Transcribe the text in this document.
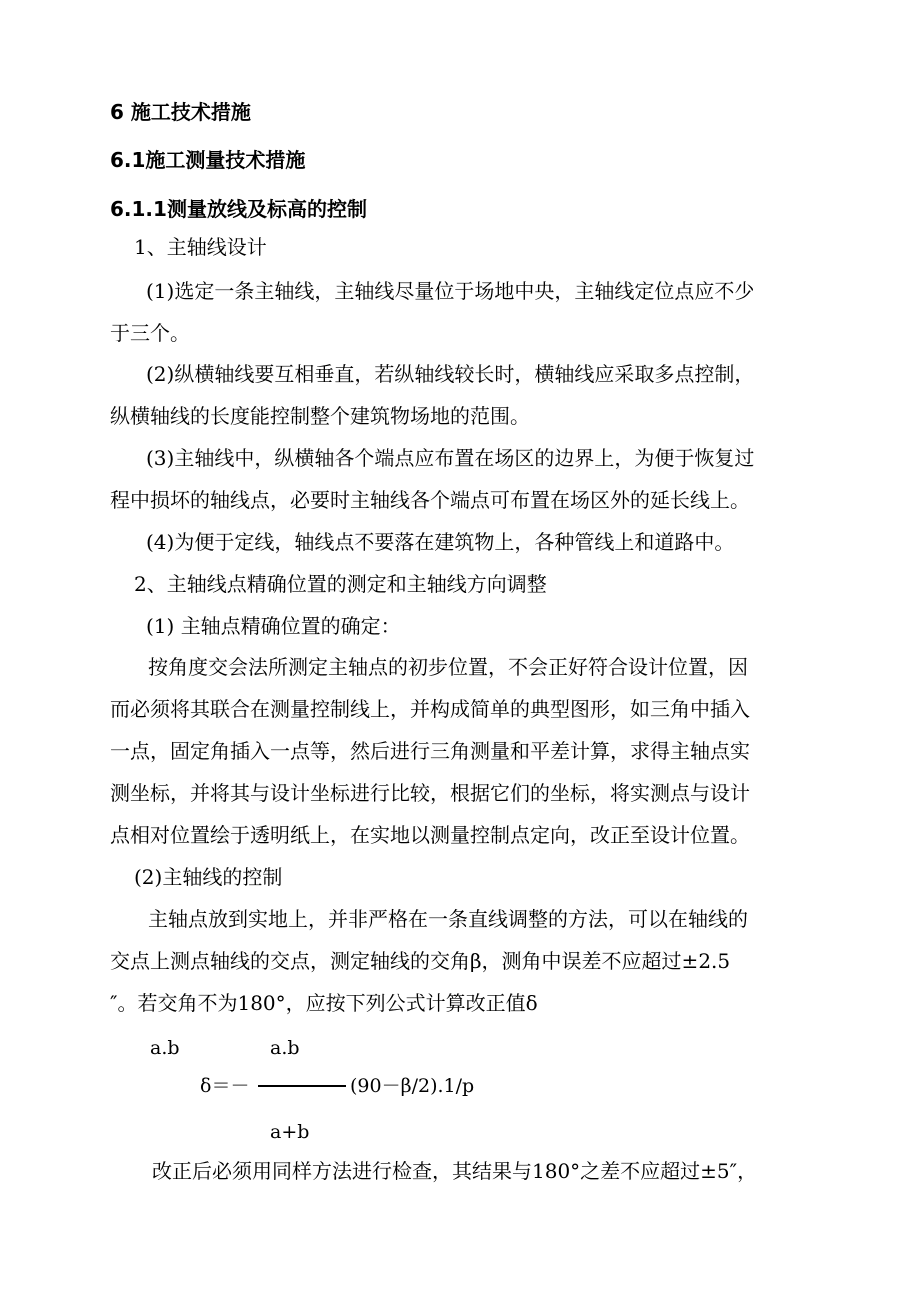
6 施工技术措施
6.1施工测量技术措施
6.1.1测量放线及标高的控制
1、主轴线设计
(1)选定一条主轴线，主轴线尽量位于场地中央，主轴线定位点应不少
于三个。
(2)纵横轴线要互相垂直，若纵轴线较长时，横轴线应采取多点控制，
纵横轴线的长度能控制整个建筑物场地的范围。
(3)主轴线中，纵横轴各个端点应布置在场区的边界上，为便于恢复过
程中损坏的轴线点，必要时主轴线各个端点可布置在场区外的延长线上。
(4)为便于定线，轴线点不要落在建筑物上，各种管线上和道路中。
2、主轴线点精确位置的测定和主轴线方向调整
(1) 主轴点精确位置的确定：
按角度交会法所测定主轴点的初步位置，不会正好符合设计位置，因
而必须将其联合在测量控制线上，并构成简单的典型图形，如三角中插入
一点，固定角插入一点等，然后进行三角测量和平差计算，求得主轴点实
测坐标，并将其与设计坐标进行比较，根据它们的坐标，将实测点与设计
点相对位置绘于透明纸上，在实地以测量控制点定向，改正至设计位置。
(2)主轴线的控制
主轴点放到实地上，并非严格在一条直线调整的方法，可以在轴线的
交点上测点轴线的交点，测定轴线的交角β，测角中误差不应超过±2.5
″。若交角不为180°，应按下列公式计算改正值δ
a.b	a.b
δ＝－	(90－β/2).1/p
a+b
改正后必须用同样方法进行检查，其结果与180°之差不应超过±5″，
